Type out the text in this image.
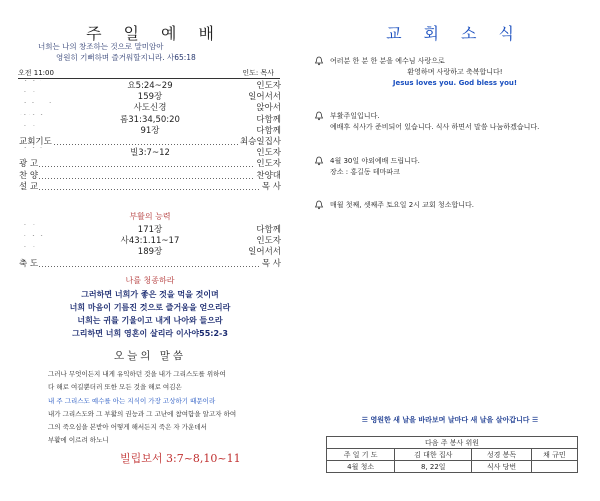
주일예배
너희는 나의 창조하는 것으로 말미암아
영원히 기뻐하며 즐거워할지니라. 사65:18
오전 11:00	인도: 목사
요5:24~29	인도자
159장	일어서서
사도신경	앉아서
롬31:34,50:20	다함께
91장	다함께
교회기도	최승일집사
빌3:7~12	인도자
광 고	인도자
찬 양	찬양대
설 교	목 사
부활의 능력
171장	다함께
사43:1.11~17	인도자
189장	일어서서
축 도	목 사
나를 청종하라
그러하면 너희가 좋은 것을 먹을 것이며
너희 마음이 기름진 것으로 즐거움을 얻으리라
너희는 귀를 기울이고 내게 나아와 들으라
그리하면 너희 영혼이 살리라 이사야55:2-3
오늘의 말씀
그러나 무엇이든지 내게 유익하던 것을 내가 그리스도를 위하여
다 해로 여길뿐더러 또한 모든 것을 해로 여김은
내 주 그리스도 예수를 아는 지식이 가장 고상하기 때문이라
내가 그리스도와 그 부활의 권능과 그 고난에 참여함을 알고자 하여
그의 죽으심을 본받아 어떻게 해서든지 죽은 자 가운데서
부활에 이르려 하노니
빌립보서 3:7~8,10~11
교회소식
여러분 한 분 한 분을 예수님 사랑으로
환영하며 사랑하고 축복합니다!
Jesus loves you. God bless you!
부활주일입니다.
예배후 식사가 준비되어 있습니다. 식사 하면서 말씀 나눔하겠습니다.
4월 30일 야외예배 드립니다.
장소 : 홍길동 테마파크
매월 첫째, 셋째주 토요일 2시 교회 청소합니다.
☰ 영원한 새 날을 바라보며 날마다 새 날을 살아갑니다 ☰
다음 주 봉사 위원			
주 일 기 도	김 대한 집사	성경 봉독	채 규민
4월 청소	8, 22일	식사 당번	
